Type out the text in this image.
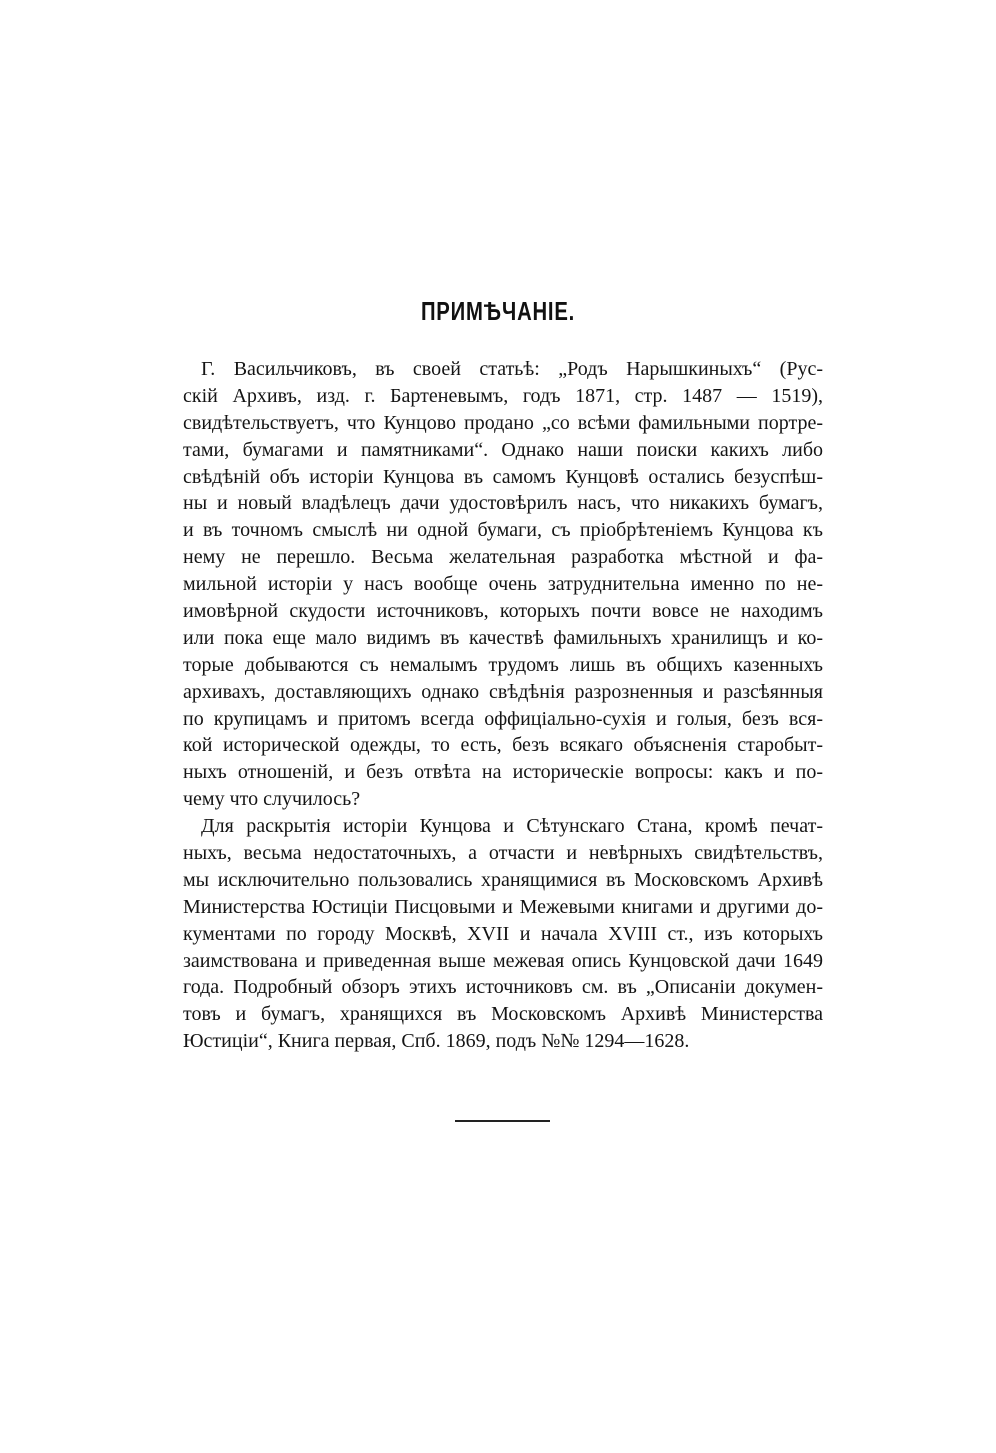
ПРИМѢЧАНІЕ.
Г. Васильчиковъ, въ своей статьѣ: „Родъ Нарышкиныхъ“ (Рус-
скій Архивъ, изд. г. Бартеневымъ, годъ 1871, стр. 1487 — 1519),
свидѣтельствуетъ, что Кунцово продано „со всѣми фамильными портре-
тами, бумагами и памятниками“. Однако наши поиски какихъ либо
свѣдѣній объ исторіи Кунцова въ самомъ Кунцовѣ остались безуспѣш-
ны и новый владѣлецъ дачи удостовѣрилъ насъ, что никакихъ бумагъ,
и въ точномъ смыслѣ ни одной бумаги, съ пріобрѣтеніемъ Кунцова къ
нему не перешло. Весьма желательная разработка мѣстной и фа-
мильной исторіи у насъ вообще очень затруднительна именно по не-
имовѣрной скудости источниковъ, которыхъ почти вовсе не находимъ
или пока еще мало видимъ въ качествѣ фамильныхъ хранилищъ и ко-
торые добываются съ немалымъ трудомъ лишь въ общихъ казенныхъ
архивахъ, доставляющихъ однако свѣдѣнія разрозненныя и разсѣянныя
по крупицамъ и притомъ всегда оффиціально-сухія и голыя, безъ вся-
кой исторической одежды, то есть, безъ всякаго объясненія старобыт-
ныхъ отношеній, и безъ отвѣта на историческіе вопросы: какъ и по-
чему что случилось?
Для раскрытія исторіи Кунцова и Сѣтунскаго Стана, кромѣ печат-
ныхъ, весьма недостаточныхъ, а отчасти и невѣрныхъ свидѣтельствъ,
мы исключительно пользовались хранящимися въ Московскомъ Архивѣ
Министерства Юстиціи Писцовыми и Межевыми книгами и другими до-
кументами по городу Москвѣ, XVII и начала XVIII ст., изъ которыхъ
заимствована и приведенная выше межевая опись Кунцовской дачи 1649
года. Подробный обзоръ этихъ источниковъ см. въ „Описаніи докумен-
товъ и бумагъ, хранящихся въ Московскомъ Архивѣ Министерства
Юстиціи“, Книга первая, Спб. 1869, подъ №№ 1294—1628.
